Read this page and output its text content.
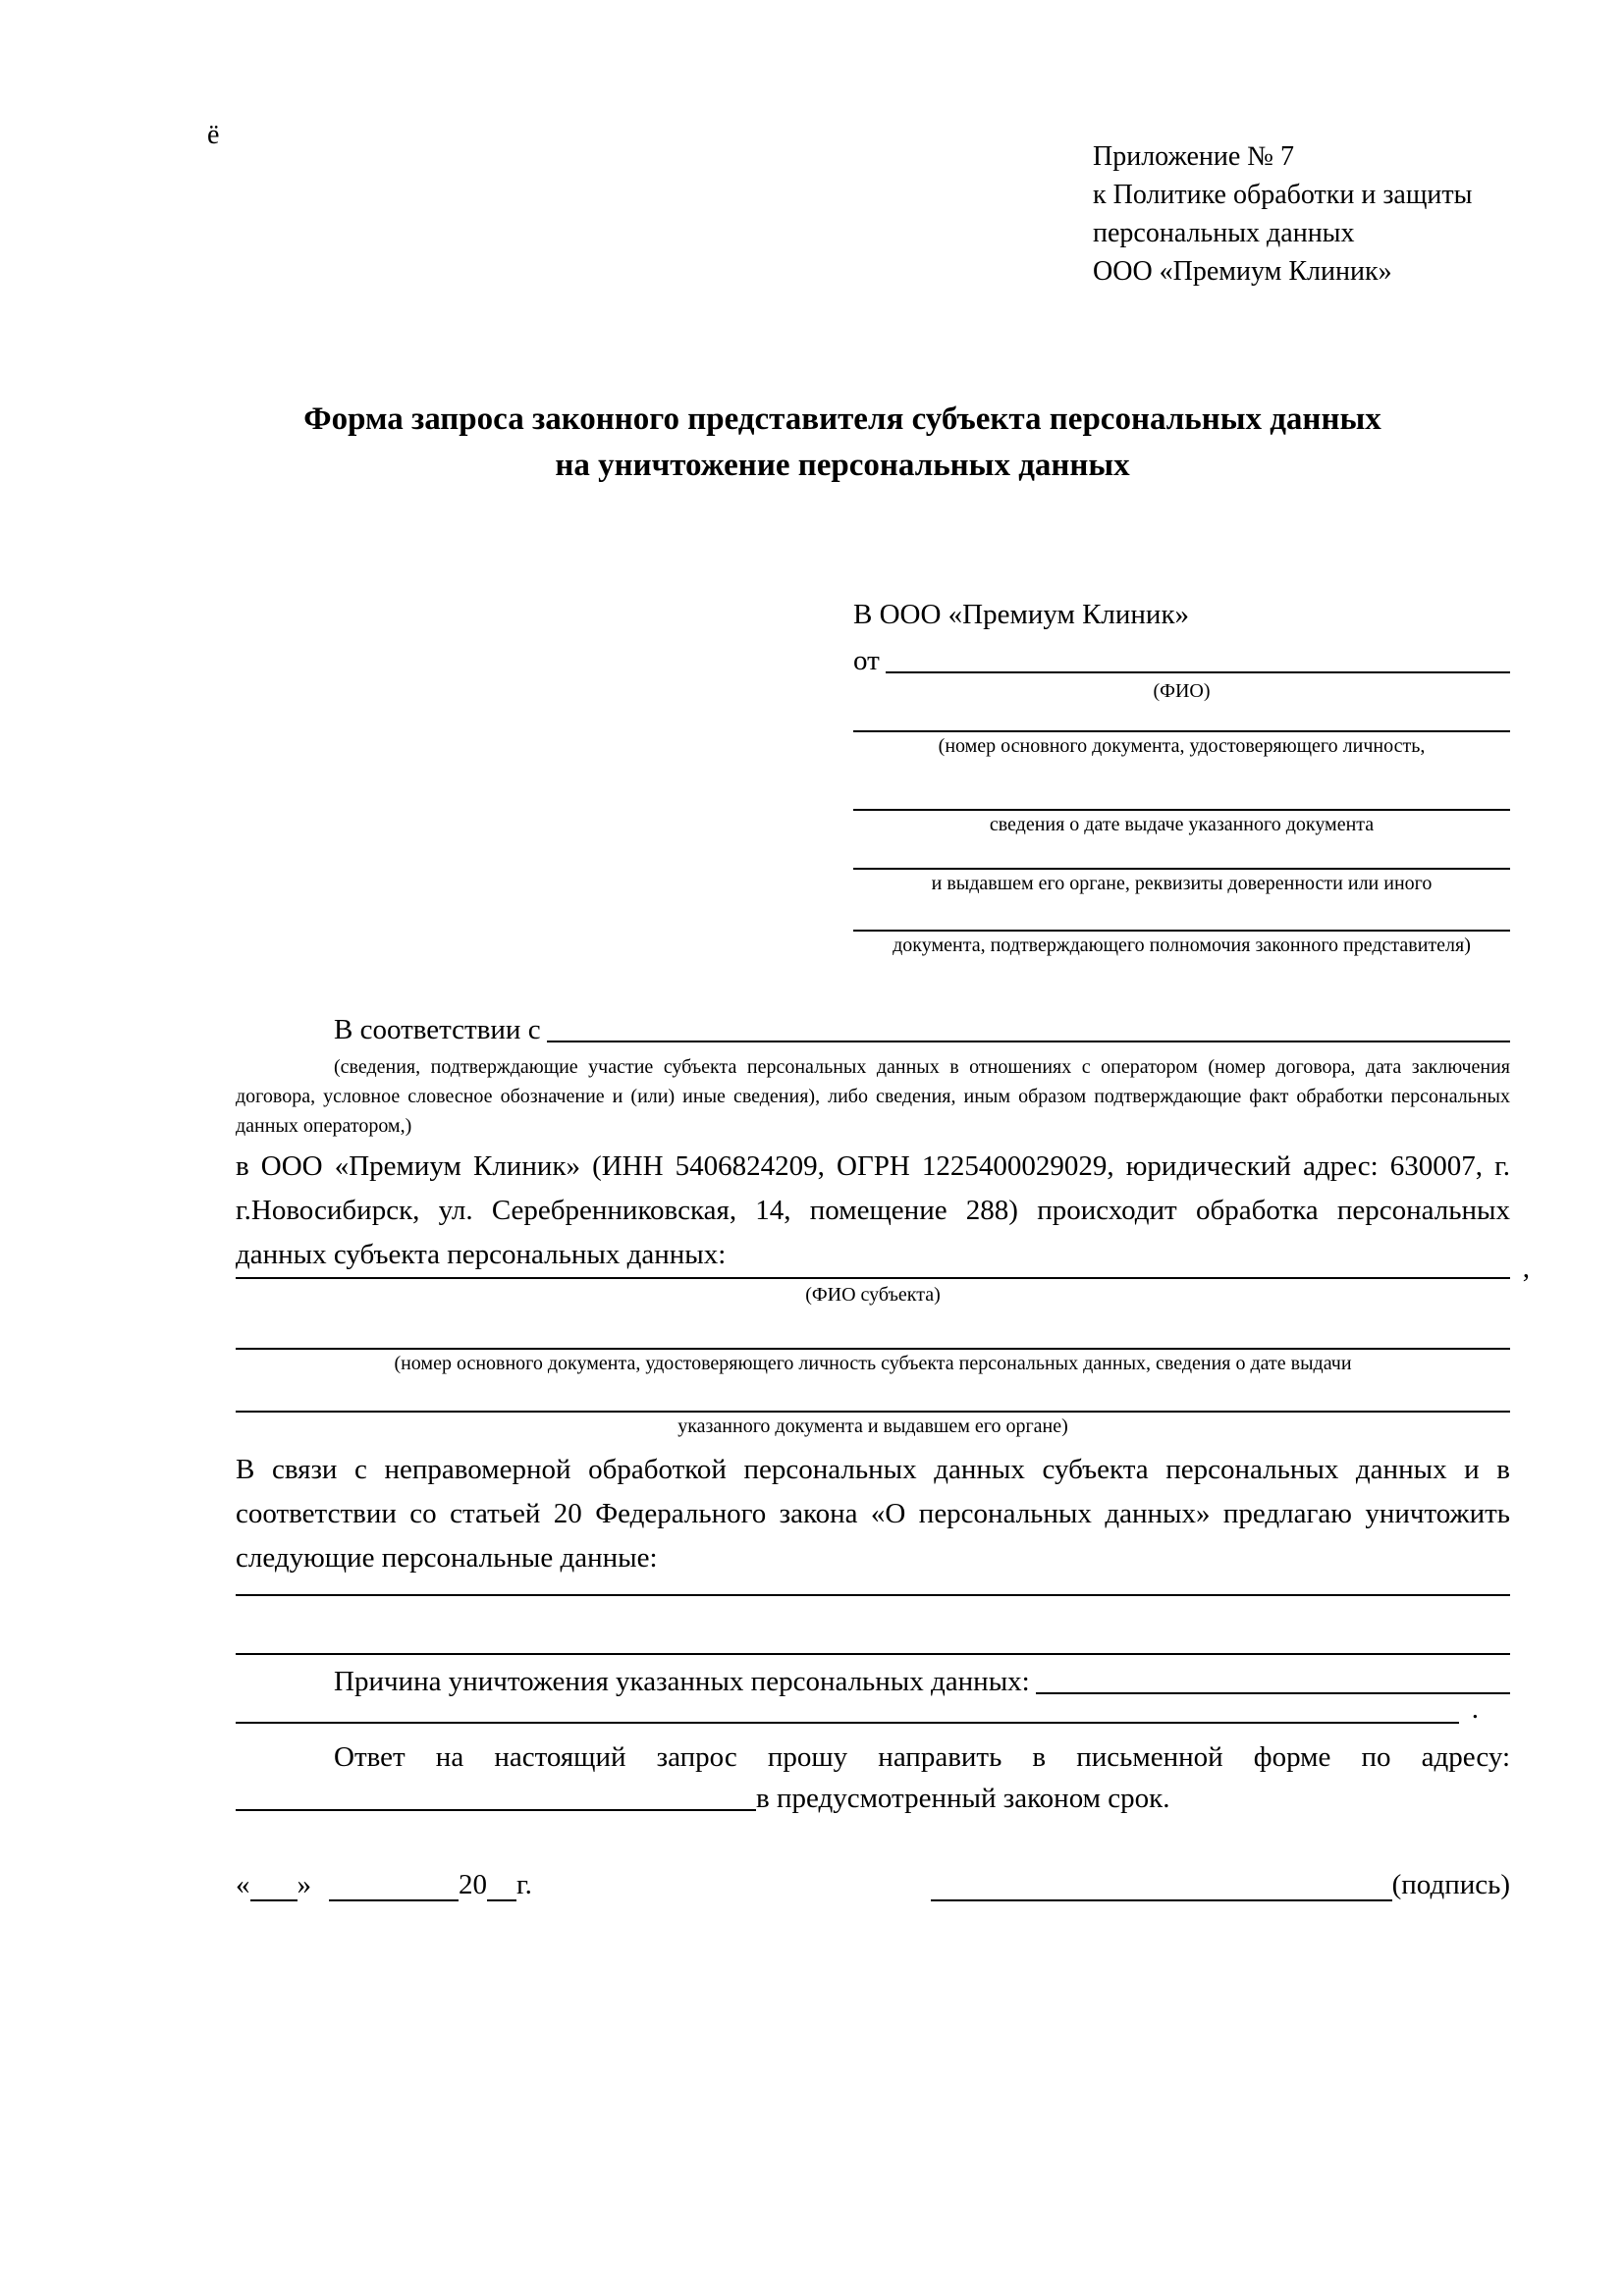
ё
Приложение № 7
к Политике обработки и защиты
персональных данных
ООО «Премиум Клиник»
Форма запроса законного представителя субъекта персональных данных
на уничтожение персональных данных
В ООО «Премиум Клиник»
от
(ФИО)
(номер основного документа, удостоверяющего личность,
сведения о дате выдаче указанного документа
и выдавшем его органе, реквизиты доверенности или иного
документа, подтверждающего полномочия законного представителя)
В соответствии с
(сведения, подтверждающие участие субъекта персональных данных в отношениях с оператором (номер договора, дата заключения договора, условное словесное обозначение и (или) иные сведения), либо сведения, иным образом подтверждающие факт обработки персональных данных оператором,)
в ООО «Премиум Клиник» (ИНН 5406824209, ОГРН 1225400029029, юридический адрес: 630007, г. г.Новосибирск, ул. Серебренниковская, 14, помещение 288) происходит обработка персональных данных субъекта персональных данных:	,
(ФИО субъекта)
(номер основного документа, удостоверяющего личность субъекта персональных данных, сведения о дате выдачи
указанного документа и выдавшем его органе)
В связи с неправомерной обработкой персональных данных субъекта персональных данных и в соответствии со статьей 20 Федерального закона «О персональных данных» предлагаю уничтожить следующие персональные данные:
Причина уничтожения указанных персональных данных:
.
Ответ на настоящий запрос прошу направить в письменной форме по адресу:
в предусмотренный законом срок.
« »	20 г.	(подпись)
